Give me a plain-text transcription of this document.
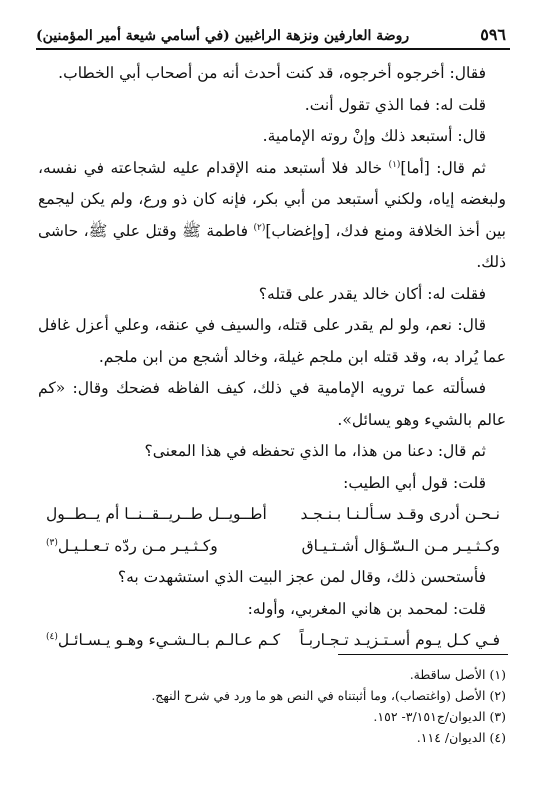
٥٩٦
روضة العارفين ونزهة الراغبين (في أسامي شيعة أمير المؤمنين)

فقال: أخرجوه أخرجوه، قد كنت أحدث أنه من أصحاب أبي الخطاب.

قلت له: فما الذي تقول أنت.

قال: أستبعد ذلك وإنْ روته الإمامية.

ثم قال: [أما]$^{(١)}$ خالد فلا أستبعد منه الإقدام عليه لشجاعته في نفسه، ولبغضه إياه، ولكني أستبعد من أبي بكر، فإنه كان ذو ورع، ولم يكن ليجمع بين أخذ الخلافة ومنع فدك، [وإغضاب]$^{(٢)}$ فاطمة ﷺ وقتل علي ﷺ، حاشى ذلك.

فقلت له: أكان خالد يقدر على قتله؟

قال: نعم، ولو لم يقدر على قتله، والسيف في عنقه، وعلي أعزل غافل عما يُراد به، وقد قتله ابن ملجم غيلة، وخالد أشجع من ابن ملجم.

فسألته عما ترويه الإمامية في ذلك، كيف الفاظه فضحك وقال: «كم عالم بالشيء وهو يسائل».

ثم قال: دعنا من هذا، ما الذي تحفظه في هذا المعنى؟

قلت: قول أبي الطيب:

نـحـن أدرى وقـد سـألـنـا بـنـجـد
أطــويــل طــريــقــنــا أم يــطــول
وكـثـيـر مـن الـسّـؤال أشـتـيـاق
وكـثـيـر مـن ردّه تـعـلـيـل$^{(٣)}$

فأستحسن ذلك، وقال لمن عجز البيت الذي استشهدت به؟

قلت: لمحمد بن هاني المغربي، وأوله:

فـي كـل يـوم أسـتـزيـد تـجـاربـاً
كـم عـالـم بـالـشـيء وهـو يـسـائـل$^{(٤)}$

(١) الأصل ساقطة.

(٢) الأصل (واغتصاب)، وما أثبتناه في النص هو ما ورد في شرح النهج.

(٣) الديوان/ج٣/١٥١- ١٥٢.

(٤) الديوان/ ١١٤.
